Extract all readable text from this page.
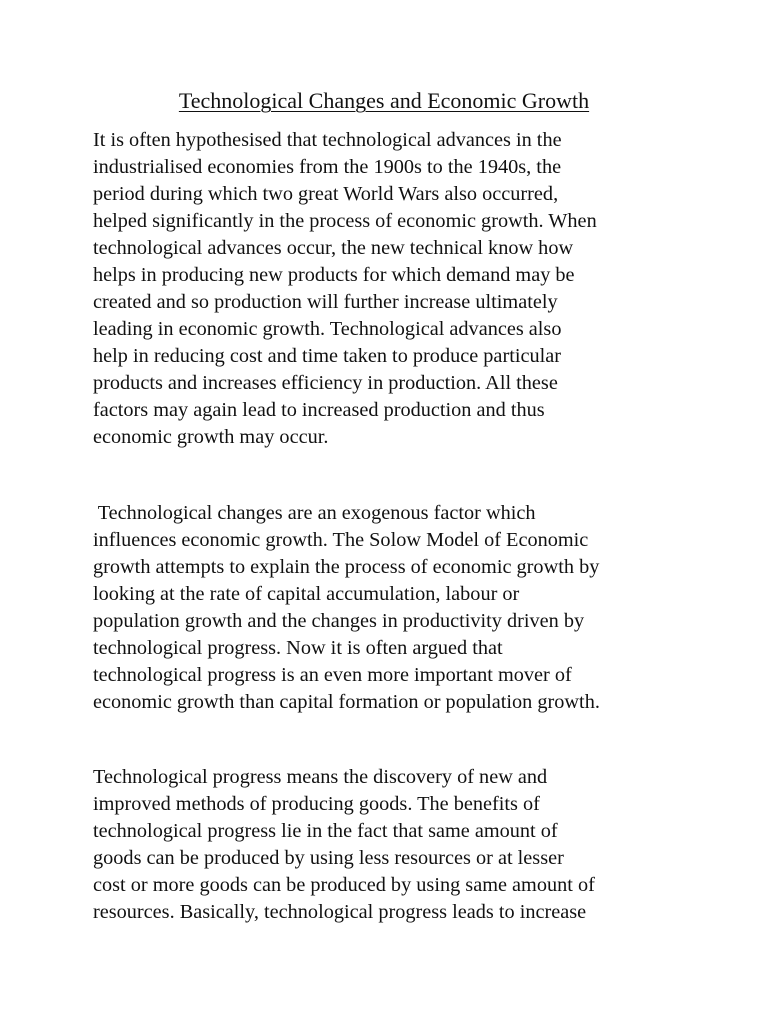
Technological Changes and Economic Growth
It is often hypothesised that technological advances in the
industrialised economies from the 1900s to the 1940s, the
period during which two great World Wars also occurred,
helped significantly in the process of economic growth. When
technological advances occur, the new technical know how
helps in producing new products for which demand may be
created and so production will further increase ultimately
leading in economic growth. Technological advances also
help in reducing cost and time taken to produce particular
products and increases efficiency in production. All these
factors may again lead to increased production and thus
economic growth may occur.
Technological changes are an exogenous factor which
influences economic growth. The Solow Model of Economic
growth attempts to explain the process of economic growth by
looking at the rate of capital accumulation, labour or
population growth and the changes in productivity driven by
technological progress. Now it is often argued that
technological progress is an even more important mover of
economic growth than capital formation or population growth.
Technological progress means the discovery of new and
improved methods of producing goods. The benefits of
technological progress lie in the fact that same amount of
goods can be produced by using less resources or at lesser
cost or more goods can be produced by using same amount of
resources. Basically, technological progress leads to increase
